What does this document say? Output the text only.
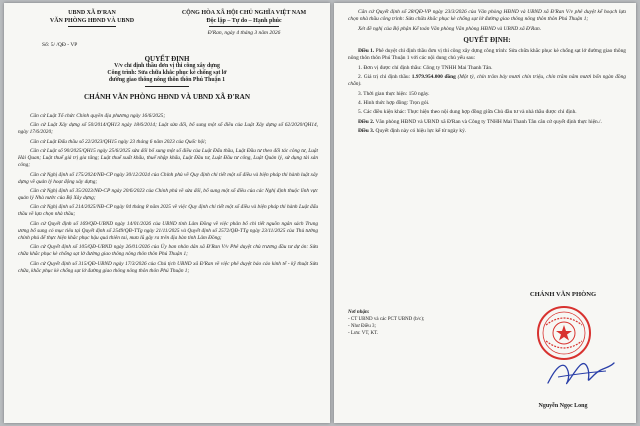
UBND XÃ Đ'RAN
VĂN PHÒNG HĐND VÀ UBND
Số: 5/ /QĐ - VP
CỘNG HÒA XÃ HỘI CHỦ NGHĨA VIỆT NAM
Độc lập – Tự do – Hạnh phúc
Đ'Ran, ngày 4 tháng 3 năm 2026
QUYẾT ĐỊNH
V/v chỉ định thầu đơn vị thi công xây dựng
Công trình: Sửa chữa khắc phục kè chống sạt lở
đường giao thông nông thôn thôn Phú Thuận 1
CHÁNH VĂN PHÒNG HĐND VÀ UBND XÃ Đ'RAN

Căn cứ Luật Tổ chức Chính quyền địa phương ngày 16/6/2025;

Căn cứ Luật Xây dựng số 50/2014/QH13 ngày 18/6/2014; Luật sửa đổi, bổ sung một số điều của Luật Xây dựng số 62/2020/QH14, ngày 17/6/2020;

Căn cứ Luật Đấu thầu số 22/2023/QH15 ngày 23 tháng 6 năm 2023 của Quốc hội;

Căn cứ Luật số 90/2025/QH15 ngày 25/6/2025 sửa đổi bổ sung một số điều của Luật Đấu thầu, Luật Đầu tư theo đối tác công tư, Luật Hải Quan; Luật thuế giá trị gia tăng; Luật thuế xuất khẩu, thuế nhập khẩu, Luật Đầu tư, Luật Đầu tư công, Luật Quản lý, sử dụng tài sản công;

Căn cứ Nghị định số 175/2024/NĐ-CP ngày 30/12/2024 của Chính phủ về Quy định chi tiết một số điều và biện pháp thi hành luật xây dựng về quản lý hoạt động xây dựng;

Căn cứ Nghị định số 35/2023/NĐ-CP ngày 20/6/2023 của Chính phủ về sửa đổi, bổ sung một số điều của các Nghị định thuộc lĩnh vực quản lý Nhà nước của Bộ Xây dựng;

Căn cứ Nghị định số 214/2025/NĐ-CP ngày 04 tháng 8 năm 2025 về việc Quy định chi tiết một số điều và biện pháp thi hành Luật đấu thầu về lựa chọn nhà thầu;

Căn cứ Quyết định số 169/QĐ-UBND ngày 14/01/2026 của UBND tỉnh Lâm Đồng về việc phân bổ chi tiết nguồn ngân sách Trung ương bổ sung có mục tiêu tại Quyết định số 2549/QĐ-TTg ngày 21/11/2025 và Quyết định số 2572/QĐ-TTg ngày 23/11/2025 của Thủ tướng chính phủ để thực hiện khắc phục hậu quả thiên tai, mưa lũ gây ra trên địa bàn tỉnh Lâm Đồng;

Căn cứ Quyết định số 105/QĐ-UBND ngày 26/01/2026 của Ủy ban nhân dân xã Đ'Ran V/v Phê duyệt chủ trương đầu tư dự án: Sửa chữa khắc phục kè chống sạt lở đường giao thông nông thôn thôn Phú Thuận 1;

Căn cứ Quyết định số 315/QĐ-UBND ngày 17/3/2026 của Chủ tịch UBND xã Đ'Ran về việc phê duyệt báo cáo kinh tế - kỹ thuật Sửa chữa, khắc phục kè chống sạt lở đường giao thông nông thôn thôn Phú Thuận 1;

Căn cứ Quyết định số 28/QĐ-VP ngày 23/3/2026 của Văn phòng HĐND và UBND xã Đ'Ran V/v phê duyệt kế hoạch lựa chọn nhà thầu công trình: Sửa chữa khắc phục kè chống sạt lở đường giao thông nông thôn thôn Phú Thuận 1;

Xét đề nghị của Bộ phận Kế toán Văn phòng Văn phòng HĐND và UBND xã Đ'Ran.

QUYẾT ĐỊNH:

Điều 1. Phê duyệt chỉ định thầu đơn vị thi công xây dựng công trình: Sửa chữa khắc phục kè chống sạt lở đường giao thông nông thôn thôn Phú Thuận 1 với các nội dung chủ yếu sau:

1. Đơn vị được chỉ định thầu: Công ty TNHH Mai Thanh Tân.

2. Giá trị chỉ định thầu: 1.979.954.000 đồng (Một tỷ, chín trăm bảy mươi chín triệu, chín trăm năm mươi bốn ngàn đồng chẵn).

3. Thời gian thực hiện: 150 ngày.

4. Hình thức hợp đồng: Trọn gói.

5. Các điều kiện khác: Thực hiện theo nội dung hợp đồng giữa Chủ đầu tư và nhà thầu được chỉ định.

Điều 2. Văn phòng HĐND và UBND xã Đ'Ran và Công ty TNHH Mai Thanh Tân căn cứ quyết định thực hiện./.

Điều 3. Quyết định này có hiệu lực kể từ ngày ký.

Nơi nhận:
- CT UBND và các PCT UBND (b/c);
- Như Điều 3;
- Lưu: VT, KT.
CHÁNH VĂN PHÒNG
Nguyễn Ngọc Long
